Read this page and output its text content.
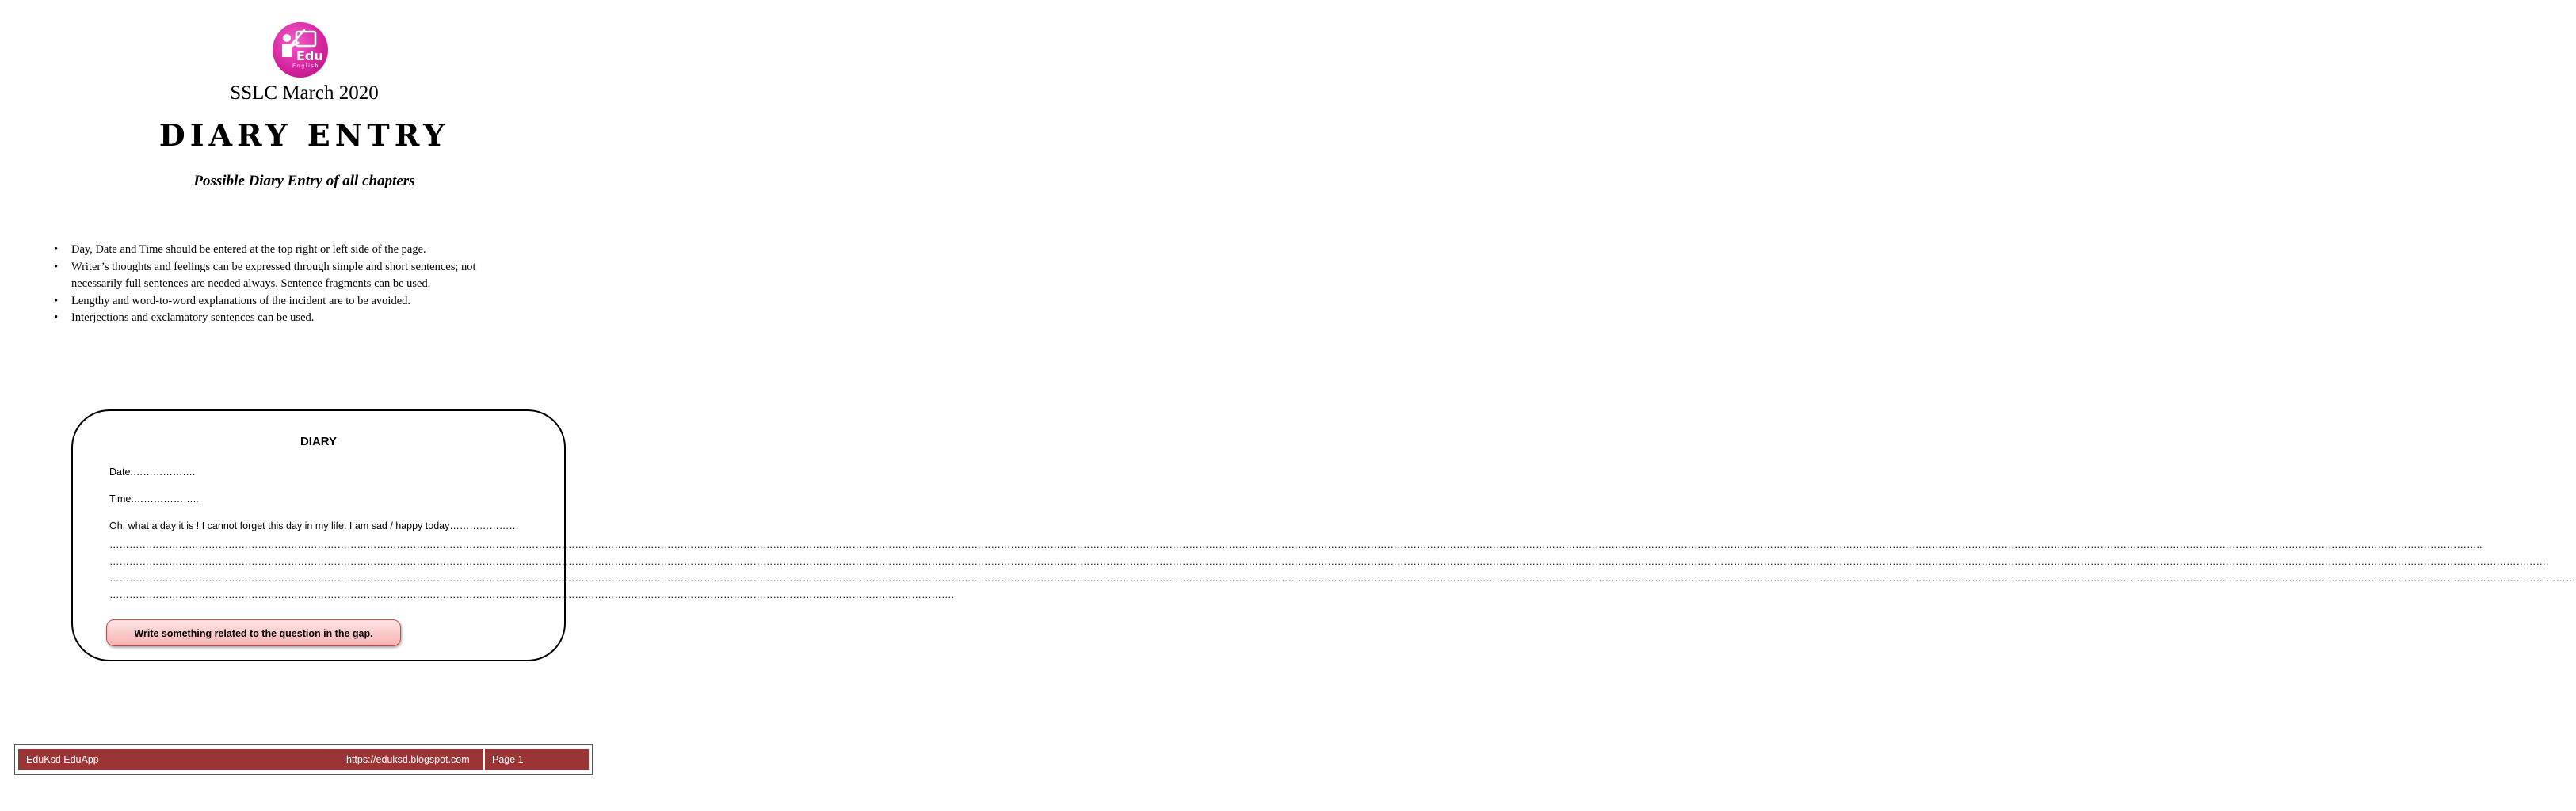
Edu
English
SSLC March 2020
DIARY ENTRY
Possible Diary Entry of all chapters
• Day, Date and Time should be entered at the top right or left side of the page.
• Writer’s thoughts and feelings can be expressed through simple and short sentences; not
necessarily full sentences are needed always. Sentence fragments can be used.
• Lengthy and word-to-word explanations of the incident are to be avoided.
• Interjections and exclamatory sentences can be used.
DIARY
Date:……………….
Time:………………..
Oh, what a day it is ! I cannot forget this day in my life. I am sad / happy today…………………
……………………………………………………………………………………………………………………………………………………………………………………………………………………………………………………………………………………………………………………………………………………………………………………………………………………………………………………………………………………………………………………………………………………………………………………………………………………………………………………………..
……………………………………………………………………………………………………………………………………………………………………………………………………………………………………………………………………………………………………………………………………………………………………………………………………………………………………………………………………………………………………………………………………………………………………………………………………………………………………………………………………………….
………………………………………………………………………………………………………………………………………………………………………………………………………………………………………………………………………………………………………………………………………………………………………………………………………………………………………………………………………………………………………………………………………………………………………………………………………………………………………………………………………………………
………………………………………………………………………………………………………………………………………………………………………………………………………………………………….
Write something related to the question in the gap.
EduKsd EduApp	https://eduksd.blogspot.com Page 1
